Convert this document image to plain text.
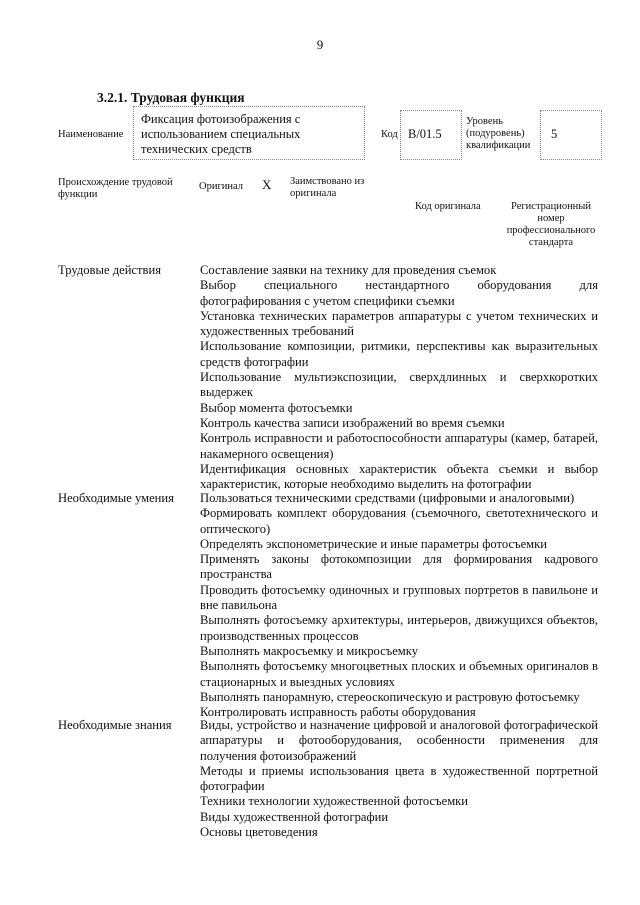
9
3.2.1. Трудовая функция
Наименование
Фиксация фотоизображения с использованием специальных технических средств
Код B/01.5
Уровень (подуровень) квалификации
5
Происхождение трудовой функции
Оригинал X Заимствовано из оригинала
Код оригинала	Регистрационный номер профессионального стандарта
Трудовые действия	Составление заявки на технику для проведения съемок

Выбор специального нестандартного оборудования для фотографирования с учетом специфики съемки

Установка технических параметров аппаратуры с учетом технических и художественных требований

Использование композиции, ритмики, перспективы как выразительных средств фотографии

Использование мультиэкспозиции, сверхдлинных и сверхкоротких выдержек

Выбор момента фотосъемки

Контроль качества записи изображений во время съемки

Контроль исправности и работоспособности аппаратуры (камер, батарей, накамерного освещения)

Идентификация основных характеристик объекта съемки и выбор характеристик, которые необходимо выделить на фотографии

Необходимые умения	Пользоваться техническими средствами (цифровыми и аналоговыми)

Формировать комплект оборудования (съемочного, светотехнического и оптического)

Определять экспонометрические и иные параметры фотосъемки

Применять законы фотокомпозиции для формирования кадрового пространства

Проводить фотосъемку одиночных и групповых портретов в павильоне и вне павильона

Выполнять фотосъемку архитектуры, интерьеров, движущихся объектов, производственных процессов

Выполнять макросъемку и микросъемку

Выполнять фотосъемку многоцветных плоских и объемных оригиналов в стационарных и выездных условиях

Выполнять панорамную, стереоскопическую и растровую фотосъемку

Контролировать исправность работы оборудования

Необходимые знания	Виды, устройство и назначение цифровой и аналоговой фотографической аппаратуры и фотооборудования, особенности применения для получения фотоизображений

Методы и приемы использования цвета в художественной портретной фотографии

Техники технологии художественной фотосъемки

Виды художественной фотографии

Основы цветоведения
